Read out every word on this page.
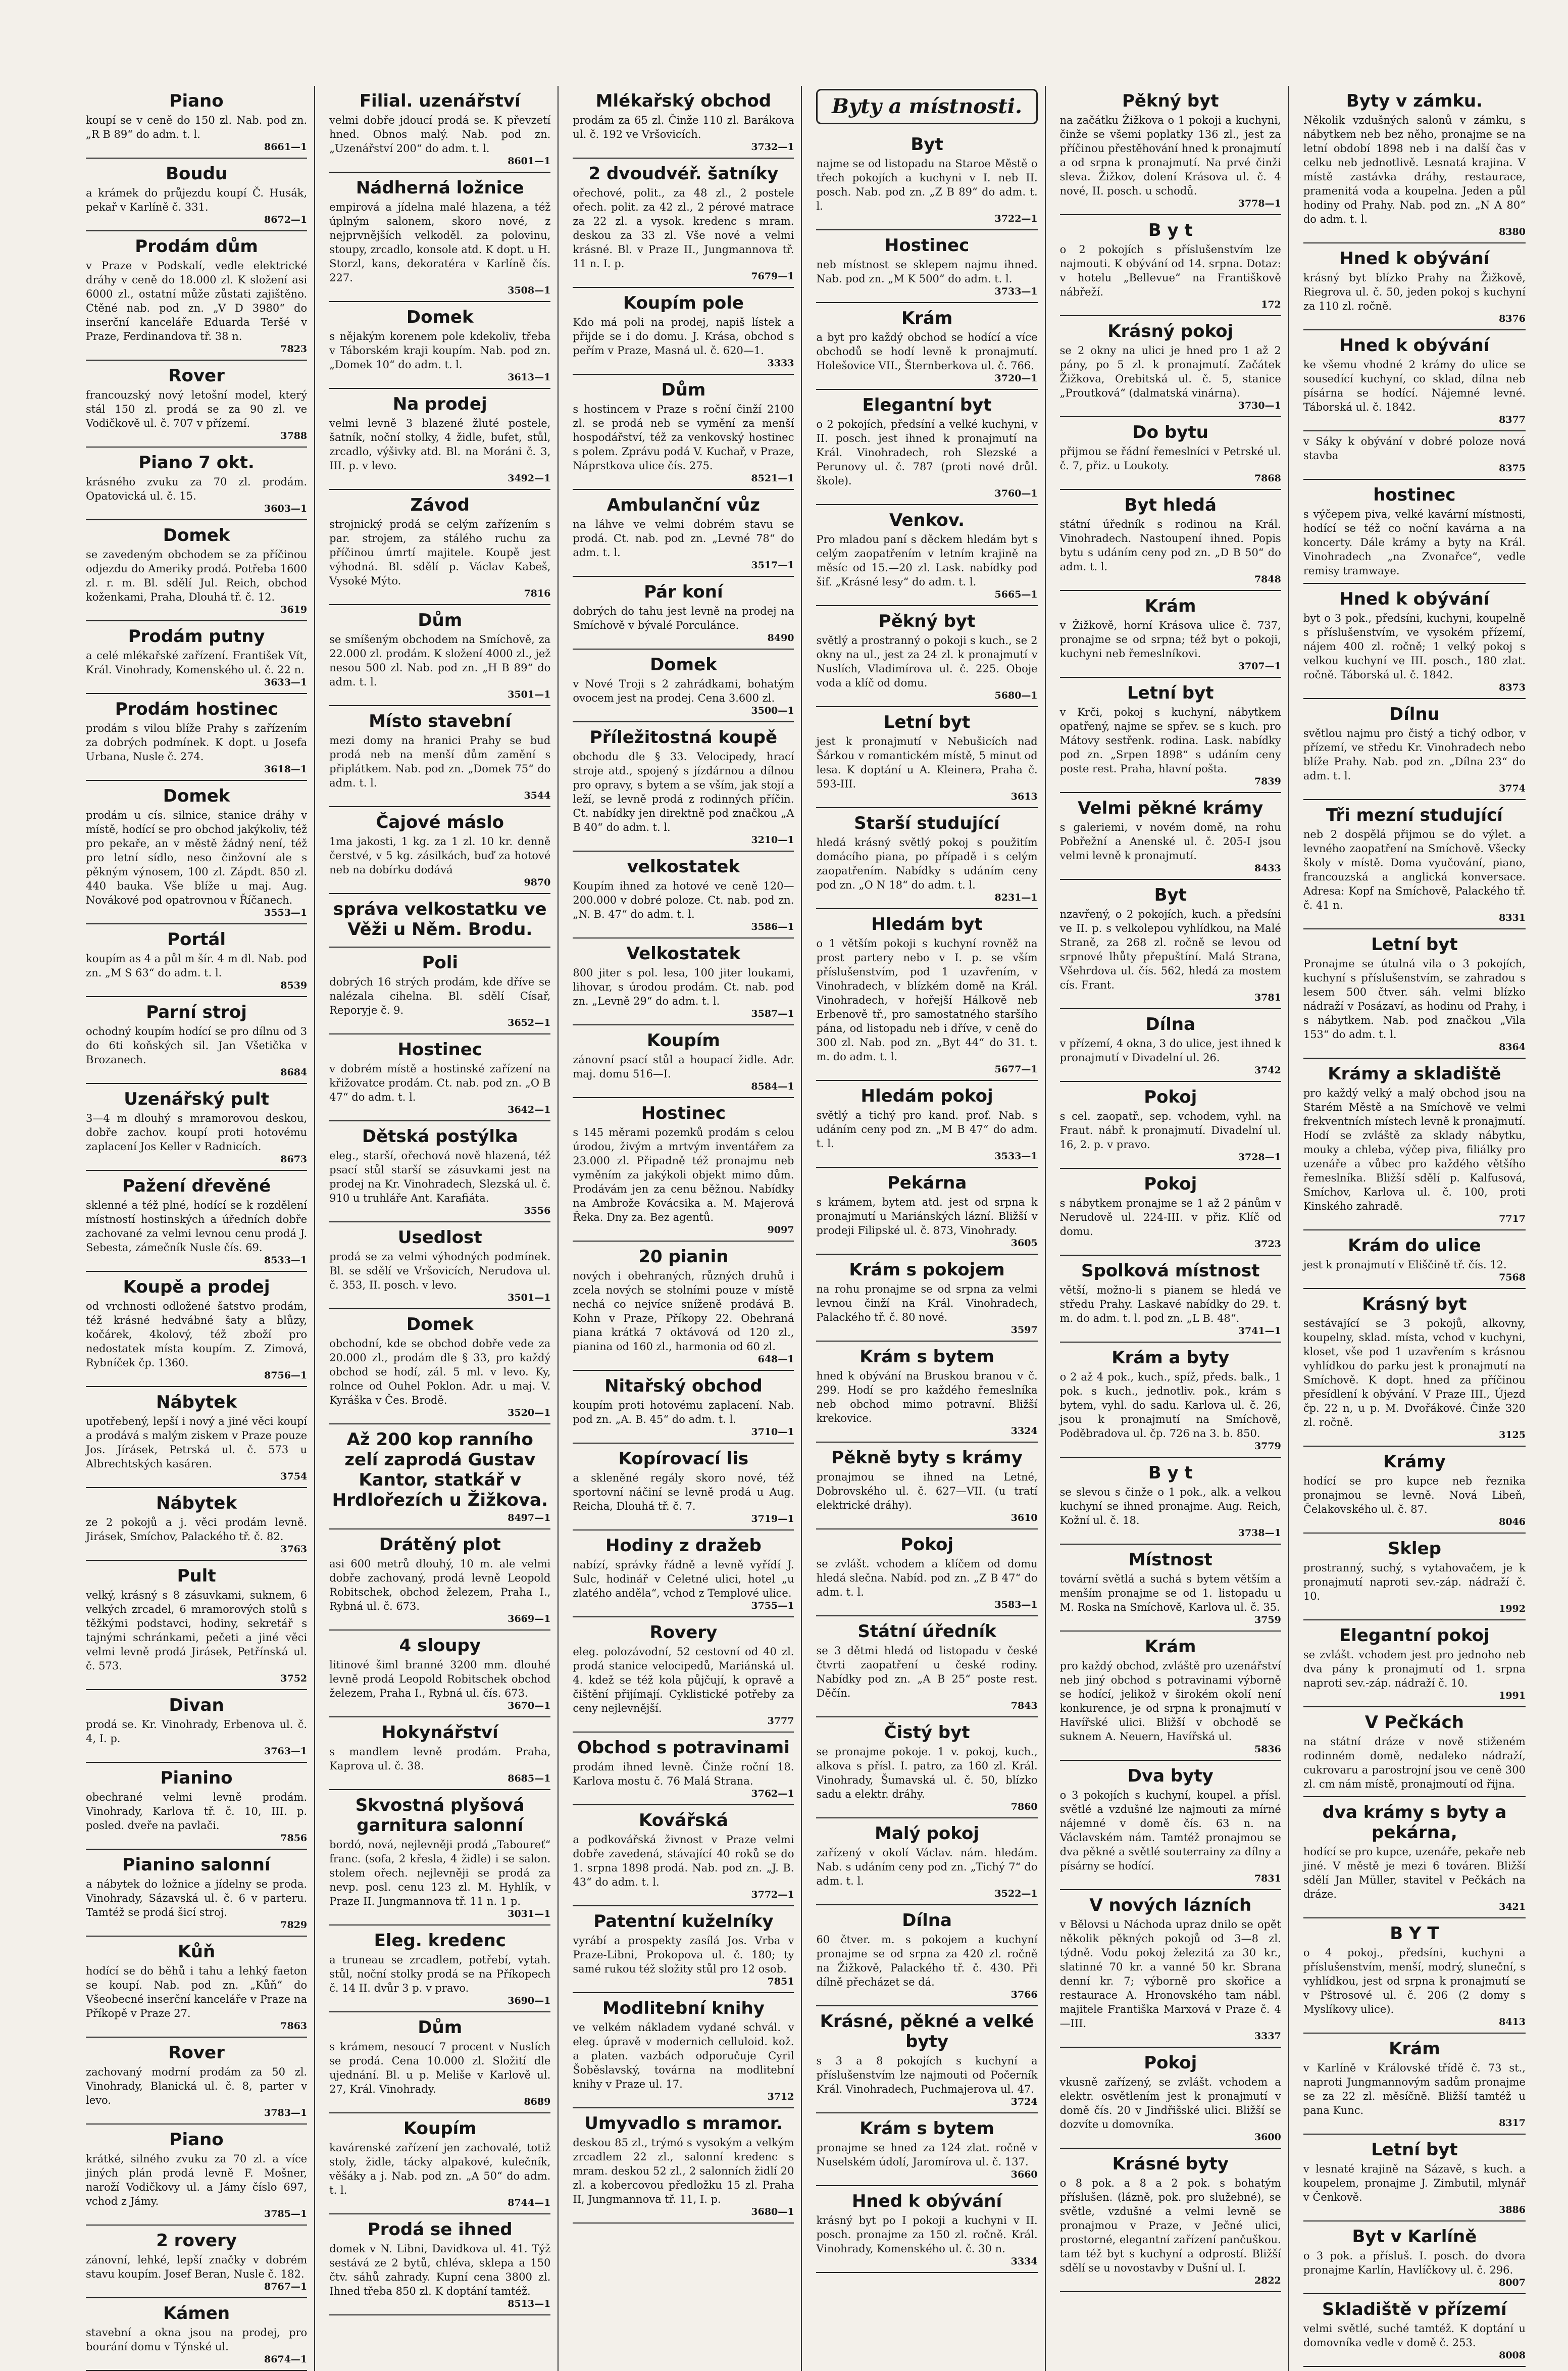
Piano

koupí se v ceně do 150 zl. Nab. pod zn. „R B 89“ do adm. t. l.

8661—1
Boudu

a krámek do průjezdu koupí Č. Husák, pekař v Karlíně č. 331.

8672—1
Prodám dům

v Praze v Podskalí, vedle elektrické dráhy v ceně do 18.000 zl. K složení asi 6000 zl., ostatní může zůstati zajištěno. Ctěné nab. pod zn. „V D 3980“ do inserční kanceláře Eduarda Teršé v Praze, Ferdinandova tř. 38 n.

7823
Rover

francouzský nový letošní model, který stál 150 zl. prodá se za 90 zl. ve Vodičkově ul. č. 707 v přízemí.

3788
Piano 7 okt.

krásného zvuku za 70 zl. prodám. Opatovická ul. č. 15.

3603—1
Domek

se zavedeným obchodem se za příčinou odjezdu do Ameriky prodá. Potřeba 1600 zl. r. m. Bl. sdělí Jul. Reich, obchod koženkami, Praha, Dlouhá tř. č. 12.

3619
Prodám putny

a celé mlékařské zařízení. František Vít, Král. Vinohrady, Komenského ul. č. 22 n.

3633—1
Prodám hostinec

prodám s vilou blíže Prahy s zařízením za dobrých podmínek. K dopt. u Josefa Urbana, Nusle č. 274.

3618—1
Domek

prodám u cís. silnice, stanice dráhy v místě, hodící se pro obchod jakýkoliv, též pro pekaře, an v městě žádný není, též pro letní sídlo, neso činžovní ale s pěkným výnosem, 100 zl. Zápdt. 850 zl. 440 bauka. Vše blíže u maj. Aug. Novákové pod opatrovnou v Říčanech.

3553—1
Portál

koupím as 4 a půl m šír. 4 m dl. Nab. pod zn. „M S 63“ do adm. t. l.

8539
Parní stroj

ochodný koupím hodící se pro dílnu od 3 do 6ti koňských sil. Jan Všetička v Brozanech.

8684
Uzenářský pult

3—4 m dlouhý s mramorovou deskou, dobře zachov. koupí proti hotovému zaplacení Jos Keller v Radnicích.

8673
Pažení dřevěné

sklenné a též plné, hodící se k rozdělení místností hostinských a úředních dobře zachované za velmi levnou cenu prodá J. Sebesta, zámečník Nusle čís. 69.

8533—1
Koupě a prodej

od vrchnosti odložené šatstvo prodám, též krásné hedvábné šaty a blůzy, kočárek, 4kolový, též zboží pro nedostatek místa koupím. Z. Zimová, Rybníček čp. 1360.

8756—1
Nábytek

upotřebený, lepší i nový a jiné věci koupí a prodává s malým ziskem v Praze pouze Jos. Jírásek, Petrská ul. č. 573 u Albrechtských kasáren.

3754
Nábytek

ze 2 pokojů a j. věci prodám levně. Jirásek, Smíchov, Palackého tř. č. 82.

3763
Pult

velký, krásný s 8 zásuvkami, suknem, 6 velkých zrcadel, 6 mramorových stolů s těžkými podstavci, hodiny, sekretář s tajnými schránkami, pečeti a jiné věci velmi levně prodá Jirásek, Petřínská ul. č. 573.

3752
Divan

prodá se. Kr. Vinohrady, Erbenova ul. č. 4, I. p.

3763—1
Pianino

obechrané velmi levně prodám. Vinohrady, Karlova tř. č. 10, III. p. posled. dveře na pavlači.

7856
Pianino salonní

a nábytek do ložnice a jídelny se proda. Vinohrady, Sázavská ul. č. 6 v parteru. Tamtéž se prodá šicí stroj.

7829
Kůň

hodící se do běhů i tahu a lehký faeton se koupí. Nab. pod zn. „Kůň“ do Všeobecné inserční kanceláře v Praze na Příkopě v Praze 27.

7863
Rover

zachovaný modrní prodám za 50 zl. Vinohrady, Blanická ul. č. 8, parter v levo.

3783—1
Piano

krátké, silného zvuku za 70 zl. a více jiných plán prodá levně F. Mošner, naroží Vodičkovy ul. a Jámy číslo 697, vchod z Jámy.

3785—1
2 rovery

zánovní, lehké, lepší značky v dobrém stavu koupím. Josef Beran, Nusle č. 182.

8767—1
Kámen

stavební a okna jsou na prodej, pro bourání domu v Týnské ul.

8674—1
Filial. uzenářství

velmi dobře jdoucí prodá se. K převzetí hned. Obnos malý. Nab. pod zn. „Uzenářství 200“ do adm. t. l.

8601—1
Nádherná ložnice

empirová a jídelna malé hlazena, a též úplným salonem, skoro nové, z nejprvnějších velkoděl. za polovinu, stoupy, zrcadlo, konsole atd. K dopt. u H. Storzl, kans, dekoratéra v Karlíně čís. 227.

3508—1
Domek

s nějakým korenem pole kdekoliv, třeba v Táborském kraji koupím. Nab. pod zn. „Domek 10“ do adm. t. l.

3613—1
Na prodej

velmi levně 3 blazené žluté postele, šatník, noční stolky, 4 židle, bufet, stůl, zrcadlo, výšivky atd. Bl. na Moráni č. 3, III. p. v levo.

3492—1
Závod

strojnický prodá se celým zařízením s par. strojem, za stálého ruchu za příčinou úmrtí majitele. Koupě jest výhodná. Bl. sdělí p. Václav Kabeš, Vysoké Mýto.

7816
Dům

se smíšeným obchodem na Smíchově, za 22.000 zl. prodám. K složení 4000 zl., jež nesou 500 zl. Nab. pod zn. „H B 89“ do adm. t. l.

3501—1
Místo stavební

mezi domy na hranici Prahy se bud prodá neb na menší dům zamění s připlátkem. Nab. pod zn. „Domek 75“ do adm. t. l.

3544
Čajové máslo

1ma jakosti, 1 kg. za 1 zl. 10 kr. denně čerstvé, v 5 kg. zásilkách, buď za hotové neb na dobírku dodává

9870
správa velkostatku ve Věži u Něm. Brodu.
Poli

dobrých 16 strých prodám, kde dříve se nalézala cihelna. Bl. sdělí Císař, Reporyje č. 9.

3652—1
Hostinec

v dobrém místě a hostinské zařízení na křižovatce prodám. Ct. nab. pod zn. „O B 47“ do adm. t. l.

3642—1
Dětská postýlka

eleg., starší, ořechová nově hlazená, též psací stůl starší se zásuvkami jest na prodej na Kr. Vinohradech, Slezská ul. č. 910 u truhláře Ant. Karafiáta.

3556
Usedlost

prodá se za velmi výhodných podmínek. Bl. se sdělí ve Vršovicích, Nerudova ul. č. 353, II. posch. v levo.

3501—1
Domek

obchodní, kde se obchod dobře vede za 20.000 zl., prodám dle § 33, pro každý obchod se hodí, zál. 5 ml. v levo. Ky, rolnce od Ouhel Poklon. Adr. u maj. V. Kyráška v Čes. Brodě.

3520—1
Až 200 kop ranního zelí zaprodá Gustav Kantor, statkář v Hrdlořezích u Žižkova.
8497—1
Drátěný plot

asi 600 metrů dlouhý, 10 m. ale velmi dobře zachovaný, prodá levně Leopold Robitschek, obchod železem, Praha I., Rybná ul. č. 673.

3669—1
4 sloupy

litinové šiml branné 3200 mm. dlouhé levně prodá Leopold Robitschek obchod železem, Praha I., Rybná ul. čís. 673.

3670—1
Hokynářství

s mandlem levně prodám. Praha, Kaprova ul. č. 38.

8685—1
Skvostná plyšová garnitura salonní

bordó, nová, nejlevněji prodá „Taboureť“ franc. (sofa, 2 křesla, 4 židle) i se salon. stolem ořech. nejlevněji se prodá za nevp. posl. cenu 123 zl. M. Hyhlík, v Praze II. Jungmannova tř. 11 n. 1 p.

3031—1
Eleg. kredenc

a truneau se zrcadlem, potřebí, vytah. stůl, noční stolky prodá se na Příkopech č. 14 II. dvůr 3 p. v pravo.

3690—1
Dům

s krámem, nesoucí 7 procent v Nuslích se prodá. Cena 10.000 zl. Složití dle ujednání. Bl. u p. Meliše v Karlově ul. 27, Král. Vinohrady.

8689
Koupím

kavárenské zařízení jen zachovalé, totiž stoly, židle, tácky alpakové, kulečník, věšáky a j. Nab. pod zn. „A 50“ do adm. t. l.

8744—1
Prodá se ihned

domek v N. Libni, Davidkova ul. 41. Týž sestává ze 2 bytů, chléva, sklepa a 150 čtv. sáhů zahrady. Kupní cena 3800 zl. Ihned třeba 850 zl. K doptání tamtéž.

8513—1
Mlékařský obchod

prodám za 65 zl. Činže 110 zl. Barákova ul. č. 192 ve Vršovicích.

3732—1
2 dvoudvéř. šatníky

ořechové, polit., za 48 zl., 2 postele ořech. polit. za 42 zl., 2 pérové matrace za 22 zl. a vysok. kredenc s mram. deskou za 33 zl. Vše nové a velmi krásné. Bl. v Praze II., Jungmannova tř. 11 n. I. p.

7679—1
Koupím pole

Kdo má poli na prodej, napiš lístek a přijde se i do domu. J. Krása, obchod s peřím v Praze, Masná ul. č. 620—1.

3333
Dům

s hostincem v Praze s roční činží 2100 zl. se prodá neb se vymění za menší hospodářství, též za venkovský hostinec s polem. Zprávu podá V. Kuchař, v Praze, Náprstkova ulice čís. 275.

8521—1
Ambulanční vůz

na láhve ve velmi dobrém stavu se prodá. Ct. nab. pod zn. „Levné 78“ do adm. t. l.

3517—1
Pár koní

dobrých do tahu jest levně na prodej na Smíchově v bývalé Porculánce.

8490
Domek

v Nové Troji s 2 zahrádkami, bohatým ovocem jest na prodej. Cena 3.600 zl.

3500—1
Příležitostná koupě

obchodu dle § 33. Velocipedy, hrací stroje atd., spojený s jízdárnou a dílnou pro opravy, s bytem a se vším, jak stojí a leží, se levně prodá z rodinných příčin. Ct. nabídky jen direktně pod značkou „A B 40“ do adm. t. l.

3210—1
velkostatek

Koupím ihned za hotové ve ceně 120—200.000 v dobré poloze. Ct. nab. pod zn. „N. B. 47“ do adm. t. l.

3586—1
Velkostatek

800 jiter s pol. lesa, 100 jiter loukami, lihovar, s úrodou prodám. Ct. nab. pod zn. „Levně 29“ do adm. t. l.

3587—1
Koupím

zánovní psací stůl a houpací židle. Adr. maj. domu 516—I.

8584—1
Hostinec

s 145 měrami pozemků prodám s celou úrodou, živým a mrtvým inventářem za 23.000 zl. Připadně též pronajmu neb vyměním za jakýkoli objekt mimo dům. Prodávám jen za cenu běžnou. Nabídky na Ambrože Kovácsika a. M. Majerová Řeka. Dny za. Bez agentů.

9097
20 pianin

nových i obehraných, různých druhů i zcela nových se stolními pouze v místě nechá co nejvíce sníženě prodává B. Kohn v Praze, Příkopy 22. Obehraná piana krátká 7 oktávová od 120 zl., pianina od 160 zl., harmonia od 60 zl.

648—1
Nitařský obchod

koupím proti hotovému zaplacení. Nab. pod zn. „A. B. 45“ do adm. t. l.

3710—1
Kopírovací lis

a skleněné regály skoro nové, též sportovní náčiní se levně prodá u Aug. Reicha, Dlouhá tř. č. 7.

3719—1
Hodiny z dražeb

nabízí, správky řádně a levně vyřídí J. Sulc, hodinář v Celetné ulici, hotel „u zlatého anděla“, vchod z Templové ulice.

3755—1
Rovery

eleg. polozávodní, 52 cestovní od 40 zl. prodá stanice velocipedů, Mariánská ul. 4. kdež se též kola půjčují, k opravě a čištění přijímají. Cyklistické potřeby za ceny nejlevnější.

3777
Obchod s potravinami

prodám ihned levně. Činže roční 18. Karlova mostu č. 76 Malá Strana.

3762—1
Kovářská

a podkovářská živnost v Praze velmi dobře zavedená, stávající 40 roků se do 1. srpna 1898 prodá. Nab. pod zn. „J. B. 43“ do adm. t. l.

3772—1
Patentní kuželníky

vyrábí a prospekty zasílá Jos. Vrba v Praze-Libni, Prokopova ul. č. 180; ty samé rukou též složity stůl pro 12 osob.

7851
Modlitební knihy

ve velkém nákladem vydané schvál. v eleg. úpravě v modernich celluloid. kož. a platen. vazbách odporučuje Cyril Šoběslavský, továrna na modlitební knihy v Praze ul. 17.

3712
Umyvadlo s mramor.

deskou 85 zl., trýmó s vysokým a velkým zrcadlem 22 zl., salonní kredenc s mram. deskou 52 zl., 2 salonních židlí 20 zl. a kobercovou předložku 15 zl. Praha II, Jungmannova tř. 11, I. p.

3680—1
Byty a místnosti.
Byt

najme se od listopadu na Staroe Městě o třech pokojích a kuchyni v I. neb II. posch. Nab. pod zn. „Z B 89“ do adm. t. l.

3722—1
Hostinec

neb místnost se sklepem najmu ihned. Nab. pod zn. „M K 500“ do adm. t. l.

3733—1
Krám

a byt pro každý obchod se hodící a více obchodů se hodí levně k pronajmutí. Holešovice VII., Šternberkova ul. č. 766.

3720—1
Elegantní byt

o 2 pokojích, předsíní a velké kuchyni, v II. posch. jest ihned k pronajmutí na Král. Vinohradech, roh Slezské a Perunovy ul. č. 787 (proti nové drůl. škole).

3760—1
Venkov.

Pro mladou paní s děckem hledám byt s celým zaopatřením v letním krajině na měsíc od 15.—20 zl. Lask. nabídky pod šif. „Krásné lesy“ do adm. t. l.

5665—1
Pěkný byt

světlý a prostranný o pokoji s kuch., se 2 okny na ul., jest za 24 zl. k pronajmutí v Nuslích, Vladimírova ul. č. 225. Oboje voda a klíč od domu.

5680—1
Letní byt

jest k pronajmutí v Nebušicích nad Šárkou v romantickém místě, 5 minut od lesa. K doptání u A. Kleinera, Praha č. 593-III.

3613
Starší studující

hledá krásný světlý pokoj s použitím domácího piana, po případě i s celým zaopatřením. Nabídky s udáním ceny pod zn. „O N 18“ do adm. t. l.

8231—1
Hledám byt

o 1 větším pokoji s kuchyní rovněž na prost partery nebo v I. p. se vším příslušenstvím, pod 1 uzavřením, v Vinohradech, v blízkém domě na Král. Vinohradech, v hořejší Hálkově neb Erbenově tř., pro samostatného staršího pána, od listopadu neb i dříve, v ceně do 300 zl. Nab. pod zn. „Byt 44“ do 31. t. m. do adm. t. l.

5677—1
Hledám pokoj

světlý a tichý pro kand. prof. Nab. s udáním ceny pod zn. „M B 47“ do adm. t. l.

3533—1
Pekárna

s krámem, bytem atd. jest od srpna k pronajmutí u Mariánských lázní. Bližší v prodeji Filipské ul. č. 873, Vinohrady.

3605
Krám s pokojem

na rohu pronajme se od srpna za velmi levnou činží na Král. Vinohradech, Palackého tř. č. 80 nové.

3597
Krám s bytem

hned k obývání na Bruskou branou v č. 299. Hodí se pro každého řemeslníka neb obchod mimo potravní. Bližší krekovice.

3324
Pěkně byty s krámy

pronajmou se ihned na Letné, Dobrovského ul. č. 627—VII. (u tratí elektrické dráhy).

3610
Pokoj

se zvlášt. vchodem a klíčem od domu hledá slečna. Nabíd. pod zn. „Z B 47“ do adm. t. l.

3583—1
Státní úředník

se 3 dětmi hledá od listopadu v české čtvrti zaopatření u české rodiny. Nabídky pod zn. „A B 25“ poste rest. Děčín.

7843
Čistý byt

se pronajme pokoje. 1 v. pokoj, kuch., alkova s přísl. I. patro, za 160 zl. Král. Vinohrady, Šumavská ul. č. 50, blízko sadu a elektr. dráhy.

7860
Malý pokoj

zařízený v okolí Václav. nám. hledám. Nab. s udáním ceny pod zn. „Tichý 7“ do adm. t. l.

3522—1
Dílna

60 čtver. m. s pokojem a kuchyní pronajme se od srpna za 420 zl. ročně na Žižkově, Palackého tř. č. 430. Při dílně přecházet se dá.

3766
Krásné, pěkné a velké byty

s 3 a 8 pokojích s kuchyní a příslušenstvím lze najmouti od Počerník Král. Vinohradech, Puchmajerova ul. 47.

3724
Krám s bytem

pronajme se hned za 124 zlat. ročně v Nuselském údolí, Jaromírova ul. č. 137.

3660
Hned k obývání

krásný byt po I pokoji a kuchyni v II. posch. pronajme za 150 zl. ročně. Král. Vinohrady, Komenského ul. č. 30 n.

3334
Pěkný byt

na začátku Žižkova o 1 pokoji a kuchyni, činže se všemi poplatky 136 zl., jest za příčinou přestěhování hned k pronajmutí a od srpna k pronajmutí. Na prvé činži sleva. Žižkov, dolení Krásova ul. č. 4 nové, II. posch. u schodů.

3778—1
B y t

o 2 pokojích s příslušenstvím lze najmouti. K obývání od 14. srpna. Dotaz: v hotelu „Bellevue“ na Františkově nábřeží.

172
Krásný pokoj

se 2 okny na ulici je hned pro 1 až 2 pány, po 5 zl. k pronajmutí. Začátek Žižkova, Orebitská ul. č. 5, stanice „Proutková“ (dalmatská vinárna).

3730—1
Do bytu

přijmou se řádní řemeslníci v Petrské ul. č. 7, přiz. u Loukoty.

7868
Byt hledá

státní úředník s rodinou na Král. Vinohradech. Nastoupení ihned. Popis bytu s udáním ceny pod zn. „D B 50“ do adm. t. l.

7848
Krám

v Žižkově, horní Krásova ulice č. 737, pronajme se od srpna; též byt o pokoji, kuchyni neb řemeslníkovi.

3707—1
Letní byt

v Krči, pokoj s kuchyní, nábytkem opatřený, najme se spřev. se s kuch. pro Mátovy sestřenk. rodina. Lask. nabídky pod zn. „Srpen 1898“ s udáním ceny poste rest. Praha, hlavní pošta.

7839
Velmi pěkné krámy

s galeriemi, v novém domě, na rohu Pobřežní a Anenské ul. č. 205-I jsou velmi levně k pronajmutí.

8433
Byt

nzavřený, o 2 pokojích, kuch. a předsíni ve II. p. s velkolepou vyhlídkou, na Malé Straně, za 268 zl. ročně se levou od srpnové lhůty přepuštíní. Malá Strana, Všehrdova ul. čís. 562, hledá za mostem cís. Frant.

3781
Dílna

v přízemí, 4 okna, 3 do ulice, jest ihned k pronajmutí v Divadelní ul. 26.

3742
Pokoj

s cel. zaopatř., sep. vchodem, vyhl. na Fraut. nábř. k pronajmutí. Divadelní ul. 16, 2. p. v pravo.

3728—1
Pokoj

s nábytkem pronajme se 1 až 2 pánům v Nerudově ul. 224-III. v přiz. Klíč od domu.

3723
Spolková místnost

větší, možno-li s pianem se hledá ve středu Prahy. Laskavé nabídky do 29. t. m. do adm. t. l. pod zn. „L B. 48“.

3741—1
Krám a byty

o 2 až 4 pok., kuch., spíž, předs. balk., 1 pok. s kuch., jednotliv. pok., krám s bytem, vyhl. do sadu. Karlova ul. č. 26, jsou k pronajmutí na Smíchově, Poděbradova ul. čp. 726 na 3. b. 850.

3779
B y t

se slevou s činže o 1 pok., alk. a velkou kuchyní se ihned pronajme. Aug. Reich, Kožní ul. č. 18.

3738—1
Místnost

tovární světlá a suchá s bytem větším a menším pronajme se od 1. listopadu u M. Roska na Smíchově, Karlova ul. č. 35.

3759
Krám

pro každý obchod, zvláště pro uzenářství neb jiný obchod s potravinami výborně se hodící, jelikož v širokém okolí není konkurence, je od srpna k pronajmutí v Havířské ulici. Bližší v obchodě se suknem A. Neuern, Havířská ul.

5836
Dva byty

o 3 pokojích s kuchyní, koupel. a přísl. světlé a vzdušné lze najmouti za mírné nájemné v domě čís. 63 n. na Václavském nám. Tamtéž pronajmou se dva pěkné a světlé souterrainy za dílny a písárny se hodící.

7831
V nových lázních

v Bělovsi u Náchoda upraz dnilo se opět několik pěkných pokojů od 3—8 zl. týdně. Vodu pokoj železitá za 30 kr., slatinné 70 kr. a vanné 50 kr. Sbrana denní kr. 7; výborně pro skořice a restaurace A. Hronovského tam nábl. majitele Františka Marxová v Praze č. 4—III.

3337
Pokoj

vkusně zařízený, se zvlášt. vchodem a elektr. osvětlením jest k pronajmutí v domě čís. 20 v Jindřišské ulici. Bližší se dozvíte u domovníka.

3600
Krásné byty

o 8 pok. a 8 a 2 pok. s bohatým příslušen. (lázně, pok. pro služebné), se světle, vzdušné a velmi levně se pronajmou v Praze, v Ječné ulici, prostorné, elegantní zařízení pančuškou. tam též byt s kuchyní a odprostí. Bližší sdělí se u novostavby v Dušní ul. I.

2822
Byty v zámku.

Několik vzdušných salonů v zámku, s nábytkem neb bez něho, pronajme se na letní období 1898 neb i na další čas v celku neb jednotlivě. Lesnatá krajina. V místě zastávka dráhy, restaurace, pramenitá voda a koupelna. Jeden a půl hodiny od Prahy. Nab. pod zn. „N A 80“ do adm. t. l.

8380
Hned k obývání

krásný byt blízko Prahy na Žižkově, Riegrova ul. č. 50, jeden pokoj s kuchyní za 110 zl. ročně.

8376
Hned k obývání

ke všemu vhodné 2 krámy do ulice se sousedící kuchyní, co sklad, dílna neb písárna se hodící. Nájemné levné. Táborská ul. č. 1842.

8377

v Sáky k obývání v dobré poloze nová stavba

8375
hostinec

s výčepem piva, velké kavární místnosti, hodící se též co noční kavárna a na koncerty. Dále krámy a byty na Král. Vinohradech „na Zvonařce“, vedle remisy tramwaye.

Hned k obývání

byt o 3 pok., předsíni, kuchyni, koupelně s příslušenstvím, ve vysokém přízemí, nájem 400 zl. ročně; 1 velký pokoj s velkou kuchyní ve III. posch., 180 zlat. ročně. Táborská ul. č. 1842.

8373
Dílnu

světlou najmu pro čistý a tichý odbor, v přízemí, ve středu Kr. Vinohradech nebo blíže Prahy. Nab. pod zn. „Dílna 23“ do adm. t. l.

3774
Tři mezní studující

neb 2 dospělá přijmou se do výlet. a levného zaopatření na Smíchově. Všecky školy v místě. Doma vyučování, piano, francouzská a anglická konversace. Adresa: Kopf na Smíchově, Palackého tř. č. 41 n.

8331
Letní byt

Pronajme se útulná vila o 3 pokojích, kuchyní s příslušenstvím, se zahradou s lesem 500 čtver. sáh. velmi blízko nádraží v Posázaví, as hodinu od Prahy, i s nábytkem. Nab. pod značkou „Vila 153“ do adm. t. l.

8364
Krámy a skladiště

pro každý velký a malý obchod jsou na Starém Městě a na Smíchově ve velmi frekventních místech levně k pronajmutí. Hodí se zvláště za sklady nábytku, mouky a chleba, výčep piva, filiálky pro uzenáře a vůbec pro každého většího řemeslníka. Bližší sdělí p. Kalfusová, Smíchov, Karlova ul. č. 100, proti Kinského zahradě.

7717
Krám do ulice

jest k pronajmutí v Eliščině tř. čís. 12.

7568
Krásný byt

sestávající se 3 pokojů, alkovny, koupelny, sklad. místa, vchod v kuchyni, kloset, vše pod 1 uzavřením s krásnou vyhlídkou do parku jest k pronajmutí na Smíchově. K dopt. hned za příčinou přesídlení k obývání. V Praze III., Újezd čp. 22 n, u p. M. Dvořákové. Činže 320 zl. ročně.

3125
Krámy

hodící se pro kupce neb řeznika pronajmou se levně. Nová Libeň, Čelakovského ul. č. 87.

8046
Sklep

prostranný, suchý, s vytahovačem, je k pronajmutí naproti sev.-záp. nádraží č. 10.

1992
Elegantní pokoj

se zvlášt. vchodem jest pro jednoho neb dva pány k pronajmutí od 1. srpna naproti sev.-záp. nádraží č. 10.

1991
V Pečkách

na státní dráze v nově stiženém rodinném domě, nedaleko nádraží, cukrovaru a parostrojní jsou ve ceně 300 zl. cm nám místě, pronajmoutí od řijna.

dva krámy s byty a pekárna,

hodící se pro kupce, uzenáře, pekaře neb jiné. V městě je mezi 6 továren. Bližší sdělí Jan Müller, stavitel v Pečkách na dráze.

3421
B Y T

o 4 pokoj., předsíni, kuchyni a příslušenstvím, menší, modrý, sluneční, s vyhlídkou, jest od srpna k pronajmutí se v Pštrosové ul. č. 206 (2 domy s Myslíkovy ulice).

8413
Krám

v Karlíně v Královské třídě č. 73 st., naproti Jungmannovým sadům pronajme se za 22 zl. měsíčně. Bližší tamtéž u pana Kunc.

8317
Letní byt

v lesnaté krajině na Sázavě, s kuch. a koupelem, pronajme J. Zimbutil, mlynář v Čenkově.

3886
Byt v Karlíně

o 3 pok. a přísluš. I. posch. do dvora pronajme Karlín, Havlíčkovy ul. č. 296.

8007
Skladiště v přízemí

velmi světlé, suché tamtéž. K doptání u domovníka vedle v domě č. 253.

8008
